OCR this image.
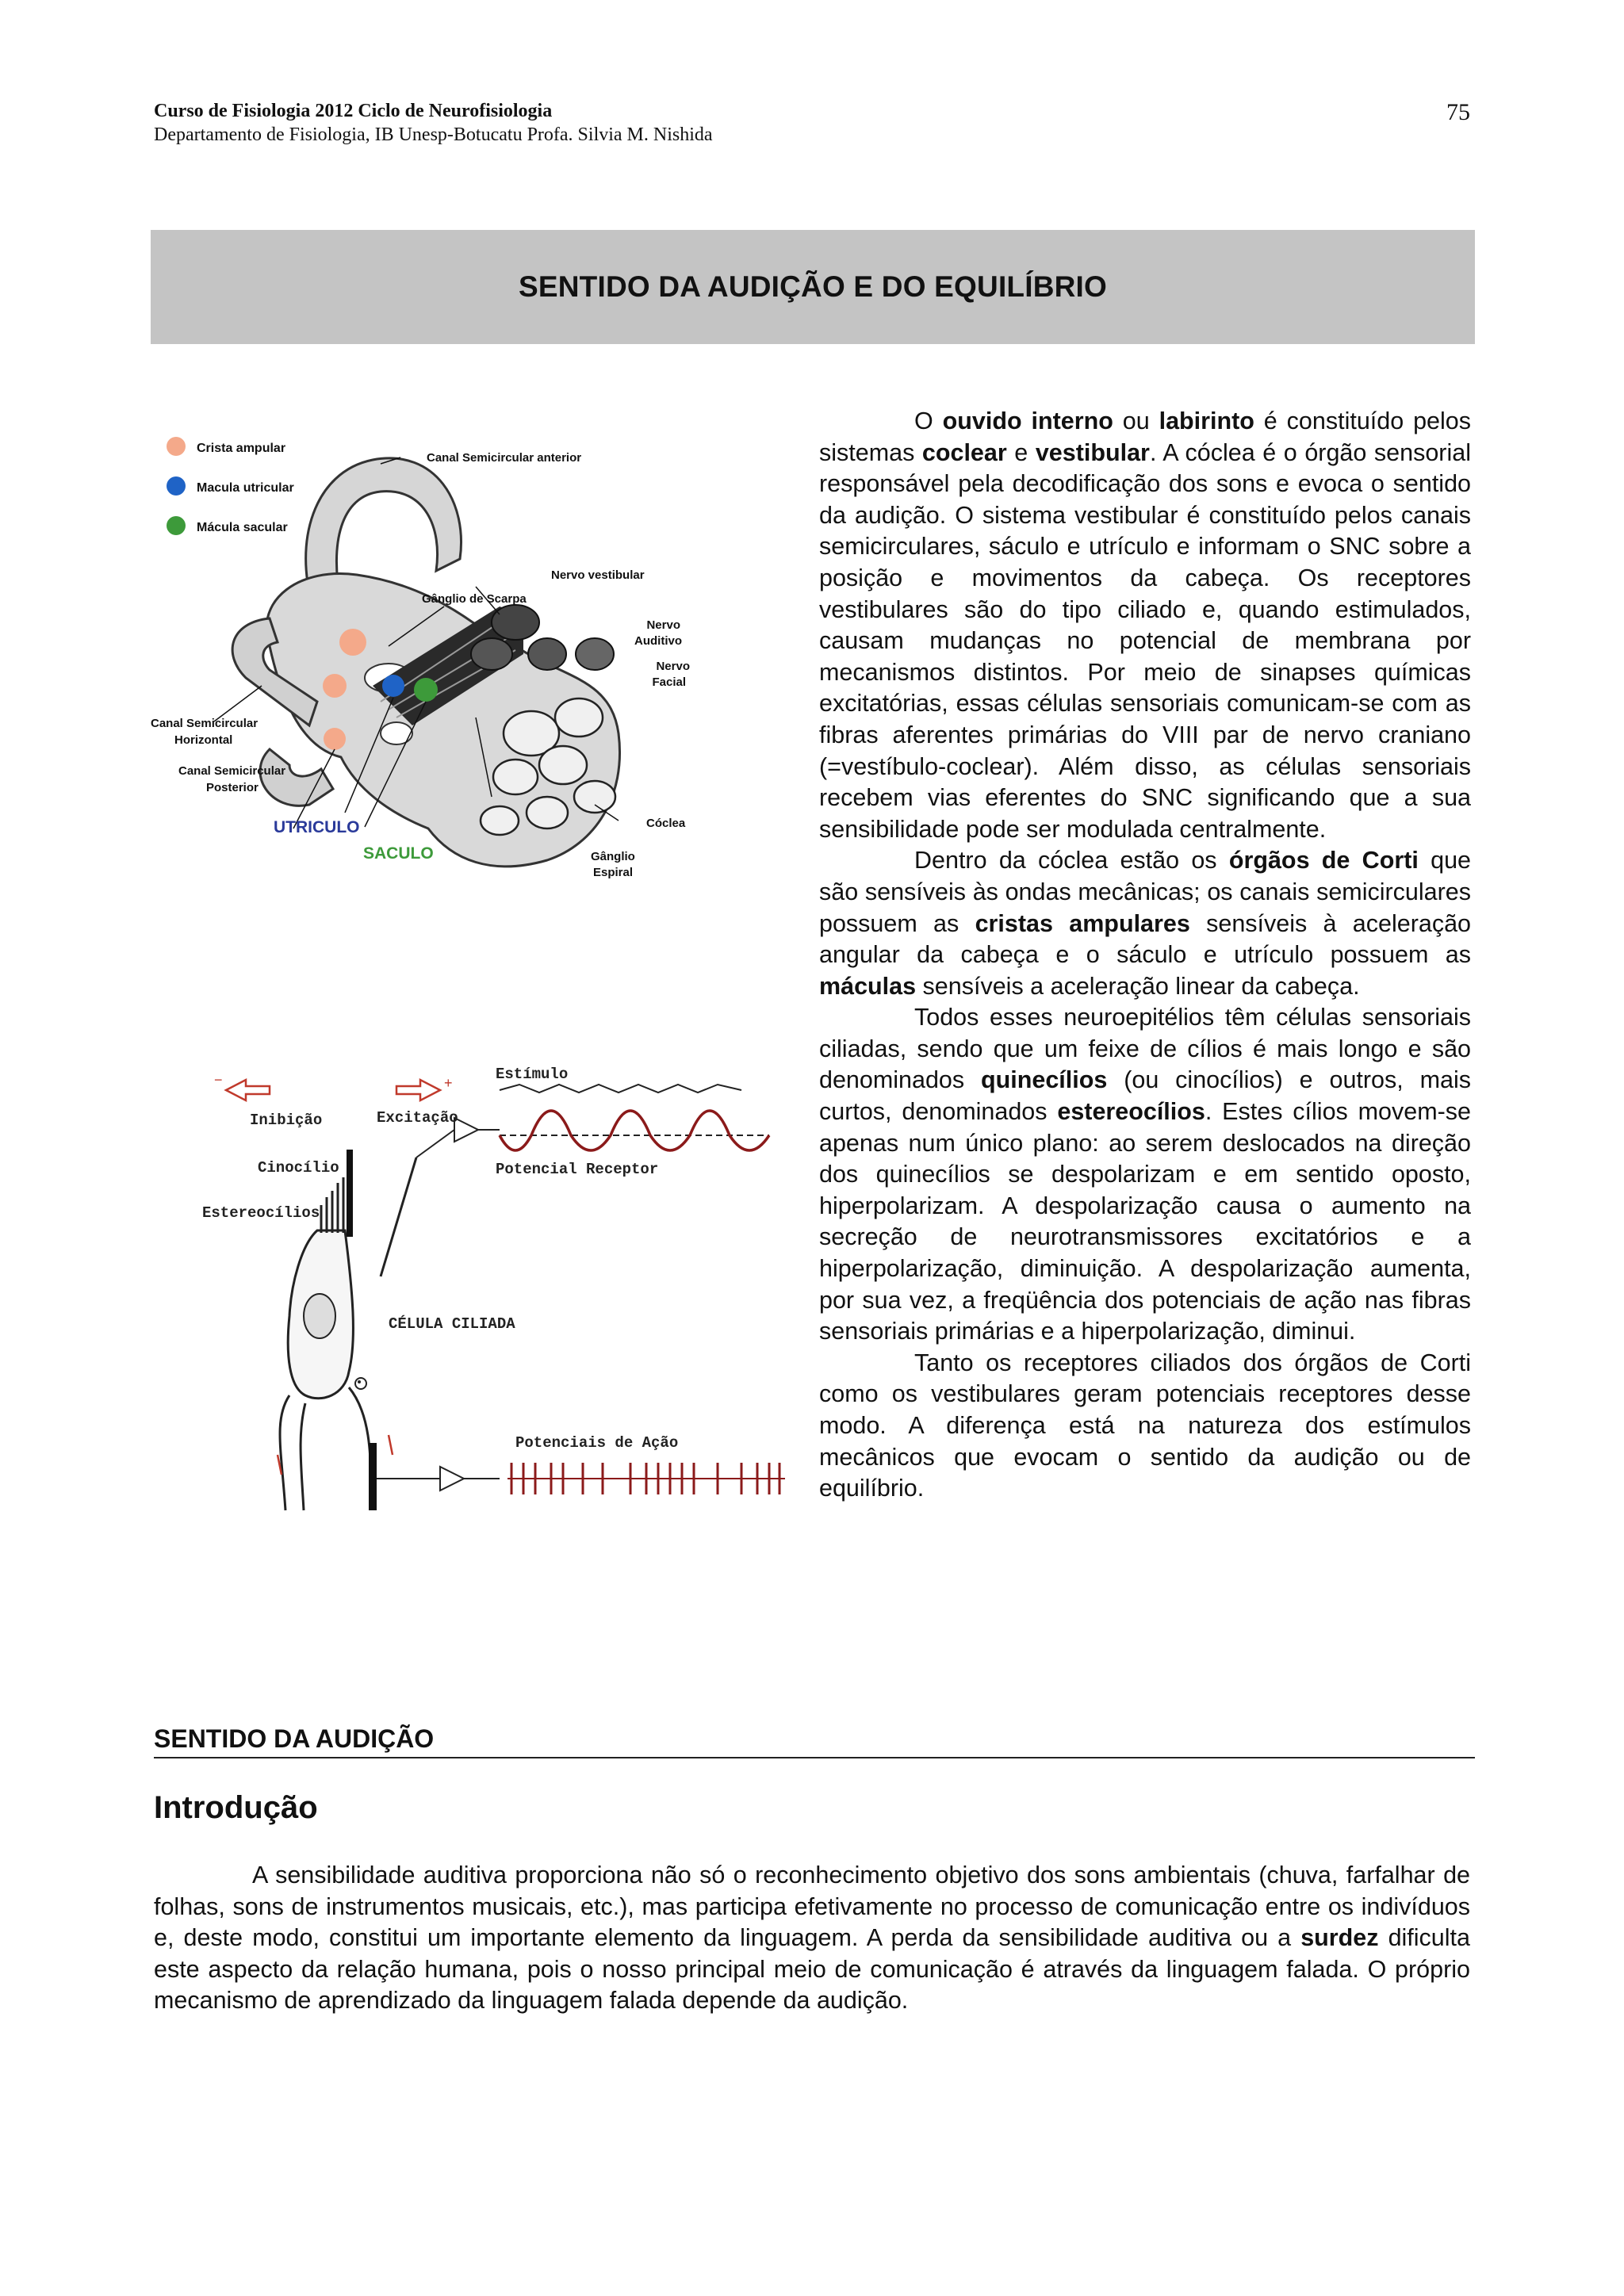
Curso de Fisiologia 2012 Ciclo de Neurofisiologia
Departamento de Fisiologia, IB Unesp-Botucatu Profa. Silvia M. Nishida
75
SENTIDO DA AUDIÇÃO E DO EQUILÍBRIO
Crista ampular
Macula utricular
Mácula sacular
Canal Semicircular anterior
Nervo vestibular
Gânglio de Scarpa
Nervo
Auditivo
Nervo
Facial
Canal Semicircular
Horizontal
Canal Semicircular
Posterior
Cóclea
Gânglio
Espiral
UTRICULO
SACULO
−	+
Inibição	Excitação
Estímulo
Cinocílio
Estereocílios
Potencial Receptor
CÉLULA CILIADA
Potenciais de Ação

O ouvido interno ou labirinto é constituído pelos sistemas coclear e vestibular. A cóclea é o órgão sensorial responsável pela decodificação dos sons e evoca o sentido da audição. O sistema vestibular é constituído pelos canais semicirculares, sáculo e utrículo e informam o SNC sobre a posição e movimentos da cabeça. Os receptores vestibulares são do tipo ciliado e, quando estimulados, causam mudanças no potencial de membrana por mecanismos distintos. Por meio de sinapses químicas excitatórias, essas células sensoriais comunicam-se com as fibras aferentes primárias do VIII par de nervo craniano (=vestíbulo-coclear). Além disso, as células sensoriais recebem vias eferentes do SNC significando que a sua sensibilidade pode ser modulada centralmente.

Dentro da cóclea estão os órgãos de Corti que são sensíveis às ondas mecânicas; os canais semicirculares possuem as cristas ampulares sensíveis à aceleração angular da cabeça e o sáculo e utrículo possuem as máculas sensíveis a aceleração linear da cabeça.

Todos esses neuroepitélios têm células sensoriais ciliadas, sendo que um feixe de cílios é mais longo e são denominados quinecílios (ou cinocílios) e outros, mais curtos, denominados estereocílios. Estes cílios movem-se apenas num único plano: ao serem deslocados na direção dos quinecílios se despolarizam e em sentido oposto, hiperpolarizam. A despolarização causa o aumento na secreção de neurotransmissores excitatórios e a hiperpolarização, diminuição. A despolarização aumenta, por sua vez, a freqüência dos potenciais de ação nas fibras sensoriais primárias e a hiperpolarização, diminui.

Tanto os receptores ciliados dos órgãos de Corti como os vestibulares geram potenciais receptores desse modo. A diferença está na natureza dos estímulos mecânicos que evocam o sentido da audição ou de equilíbrio.

SENTIDO DA AUDIÇÃO
Introdução

A sensibilidade auditiva proporciona não só o reconhecimento objetivo dos sons ambientais (chuva, farfalhar de folhas, sons de instrumentos musicais, etc.), mas participa efetivamente no processo de comunicação entre os indivíduos e, deste modo, constitui um importante elemento da linguagem. A perda da sensibilidade auditiva ou a surdez dificulta este aspecto da relação humana, pois o nosso principal meio de comunicação é através da linguagem falada. O próprio mecanismo de aprendizado da linguagem falada depende da audição.
